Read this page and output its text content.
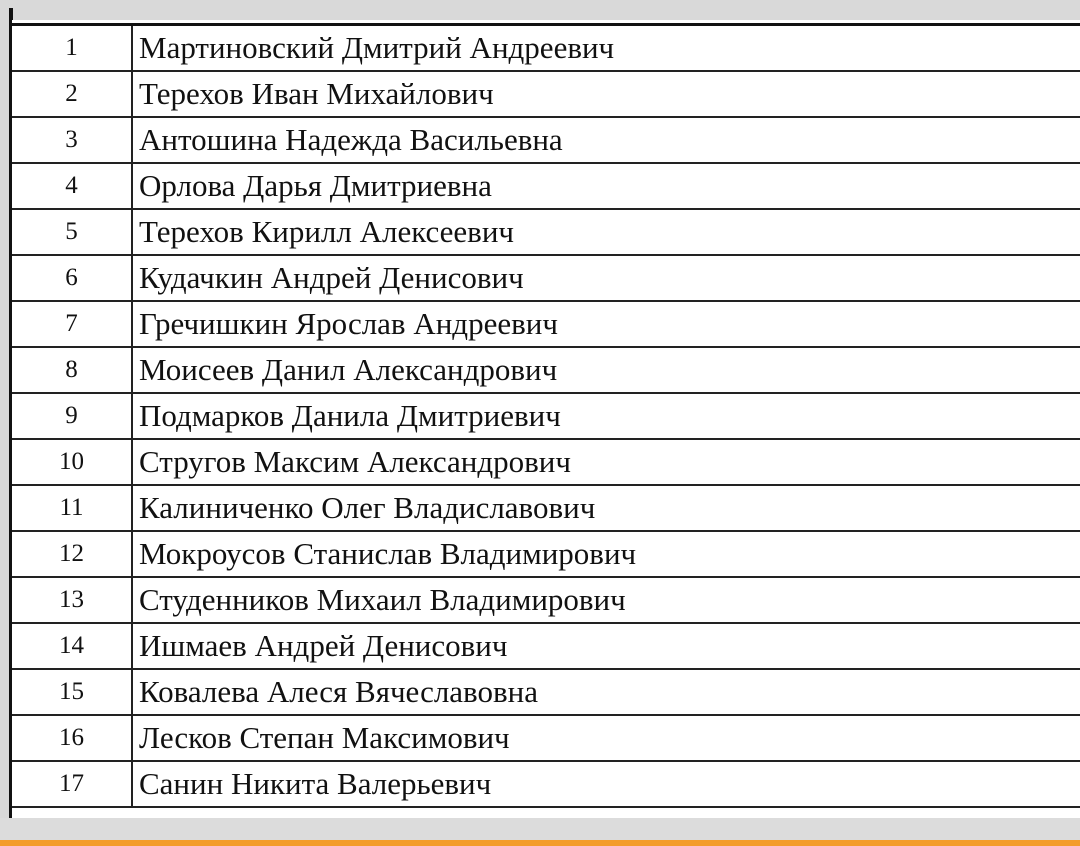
1	Мартиновский Дмитрий Андреевич
2	Терехов Иван Михайлович
3	Антошина Надежда Васильевна
4	Орлова Дарья Дмитриевна
5	Терехов Кирилл Алексеевич
6	Кудачкин Андрей Денисович
7	Гречишкин Ярослав Андреевич
8	Моисеев Данил Александрович
9	Подмарков Данила Дмитриевич
10	Стругов Максим Александрович
11	Калиниченко Олег Владиславович
12	Мокроусов Станислав Владимирович
13	Студенников Михаил Владимирович
14	Ишмаев Андрей Денисович
15	Ковалева Алеся Вячеславовна
16	Лесков Степан Максимович
17	Санин Никита Валерьевич
